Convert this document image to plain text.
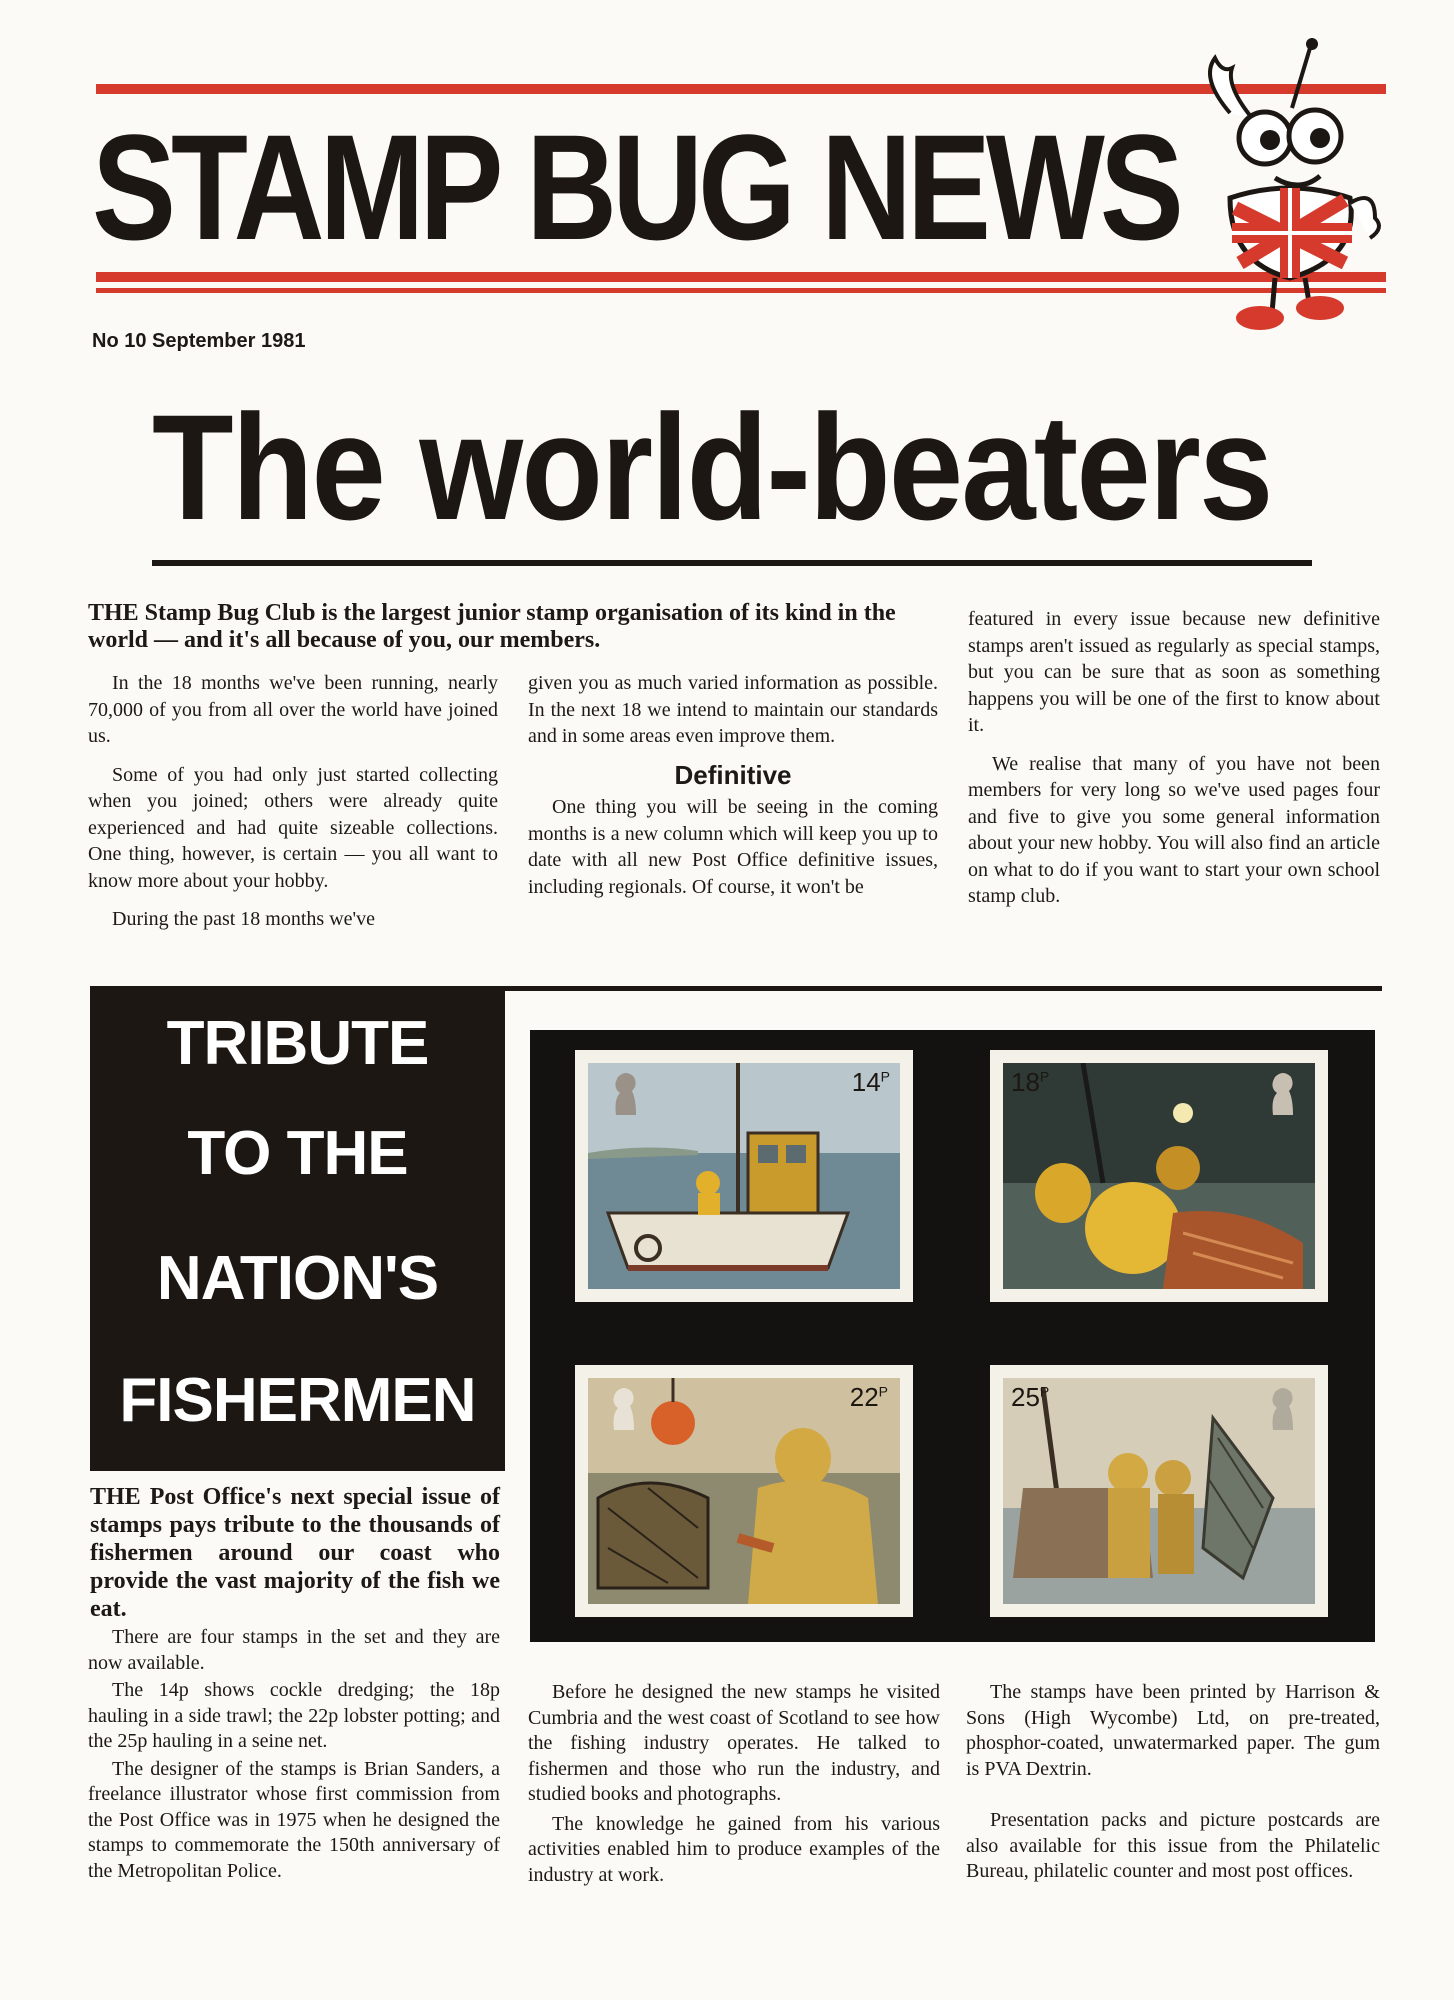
STAMP BUG NEWS
No 10 September 1981
The world-beaters
THE Stamp Bug Club is the largest junior stamp organisation of its kind in the world — and it's all because of you, our members.

In the 18 months we've been running, nearly 70,000 of you from all over the world have joined us.

Some of you had only just started collecting when you joined; others were already quite experienced and had quite sizeable collections. One thing, however, is certain — you all want to know more about your hobby.

During the past 18 months we've

given you as much varied information as possible. In the next 18 we intend to maintain our standards and in some areas even improve them.

Definitive

One thing you will be seeing in the coming months is a new column which will keep you up to date with all new Post Office definitive issues, including regionals. Of course, it won't be

featured in every issue because new definitive stamps aren't issued as regularly as special stamps, but you can be sure that as soon as something happens you will be one of the first to know about it.

We realise that many of you have not been members for very long so we've used pages four and five to give you some general information about your new hobby. You will also find an article on what to do if you want to start your own school stamp club.

TRIBUTE
TO THE
NATION'S
FISHERMEN
$14^P$	$18^P$
$22^P$	$25^P$
THE Post Office's next special issue of stamps pays tribute to the thousands of fishermen around our coast who provide the vast majority of the fish we eat.

There are four stamps in the set and they are now available.

The 14p shows cockle dredging; the 18p hauling in a side trawl; the 22p lobster potting; and the 25p hauling in a seine net.

The designer of the stamps is Brian Sanders, a freelance illustrator whose first commission from the Post Office was in 1975 when he designed the stamps to commemorate the 150th anniversary of the Metropolitan Police.

Before he designed the new stamps he visited Cumbria and the west coast of Scotland to see how the fishing industry operates. He talked to fishermen and those who run the industry, and studied books and photographs.

The knowledge he gained from his various activities enabled him to produce examples of the industry at work.

The stamps have been printed by Harrison & Sons (High Wycombe) Ltd, on pre-treated, phosphor-coated, unwatermarked paper. The gum is PVA Dextrin.

Presentation packs and picture postcards are also available for this issue from the Philatelic Bureau, philatelic counter and most post offices.
